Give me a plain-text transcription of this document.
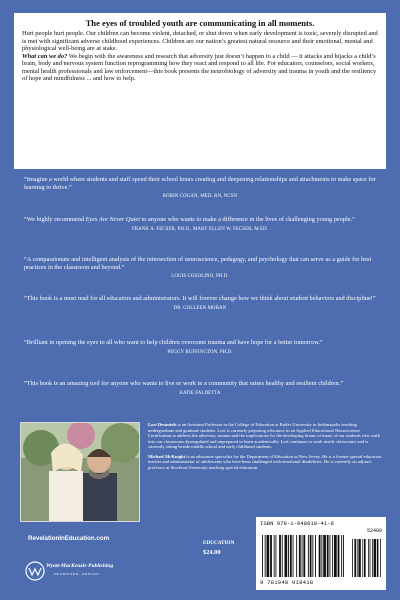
The eyes of troubled youth are communicating in all moments.

Hurt people hurt people. Our children can become violent, detached, or shut down when early development is toxic, severely disrupted and is met with significant adverse childhood experiences. Children are our nation’s greatest natural resource and their emotional, mental and physiological well-being are at stake.

What can we do? We begin with the awareness and research that adversity just doesn’t happen to a child — it attacks and hijacks a child’s brain, body and nervous system function reprogramming how they react and respond to all life. For educators, counselors, social workers, mental health professionals and law enforcement—this book presents the neurobiology of adversity and trauma in youth and the resiliency of hope and mindfulness ... and how to help.

“Imagine a world where students and staff spend their school hours creating and deepening relationships and attachments to make space for learning to thrive.”

ROBIN COGAN, MED, RN, NCSN

“We highly recommend Eyes Are Never Quiet to anyone who wants to make a difference in the lives of challenging young people.”

FRANK A. FECSER, PH.D., MARY ELLEN W. FECSER, M.ED.

“A compassionate and intelligent analysis of the intersection of neuroscience, pedagogy, and psychology that can serve as a guide for best practices in the classroom and beyond.”

LOUIS COZOLINO, PH.D.

“This book is a must read for all educators and administrators. It will forever change how we think about student behaviors and discipline!”

DR. COLLEEN MORAN

“Brilliant in opening the eyes to all who want to help children overcome trauma and have hope for a better tomorrow.”

PEGGY BUFFINGTON, PH.D.

“This book is an amazing tool for anyone who wants to live or work in a community that raises healthy and resilient children.”

KATIE FALDETTA

Lori Desautels is an Assistant Professor in the College of Education at Butler University in Indianapolis teaching undergraduate and graduate students. Lori is currently preparing educators in an Applied Educational Neuroscience Certification to address the adversity, trauma and the implications for the developing brains of many of our students who walk into our classrooms dysregulated and unprepared to learn academically. Lori continues to work inside classrooms and is currently sitting beside middle school and early childhood students.

Michael McKnight is an education specialist for the Department of Education in New Jersey. He is a former special education teacher and administrator of adolescents who have been challenged with emotional disabilities. He is currently an adjunct professor at Stockton University teaching special education.

RevelationInEducation.com
Wyatt-MacKenzie Publishing
DEADWOOD, OREGON
EDUCATION
$24.00
ISBN 978-1-948018-41-8
52400
9 781948 018418
